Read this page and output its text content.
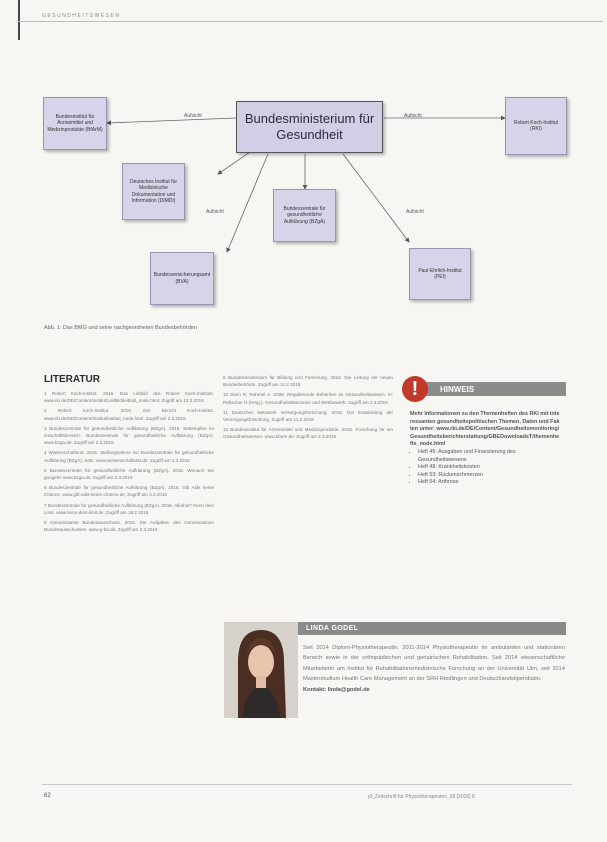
GESUNDHEITSWESEN
Bundesinstitut für Arzneimittel und Medizinprodukte (BfArM)
Bundesministerium für Gesundheit
Robert Koch-Institut (RKI)
Deutsches Institut für Medizinische Dokumentation und Information (DIMDI)
Bundeszentrale für gesundheitliche Aufklärung (BZgA)
Bundesversicherungsamt (BVA)
Paul-Ehrlich-Institut (PEI)
Aufsicht	Aufsicht
Aufsicht	Aufsicht
Abb. 1: Das BMG und seine nachgeordneten Bundesbehörden
LITERATUR

1 Robert Koch-Institut. 2016. Das Leitbild des Robert Koch-Instituts. www.rki.de/DE/Content/Institut/Leitbild/leitbild_node.html; Zugriff am 12.2.2016

2 Robert Koch-Institut. 2016. Der Bericht Koch-Institut. www.rki.de/DE/Content/Institut/institut_node.html; Zugriff am 2.3.2016

3 Bundeszentrale für gesundheitliche Aufklärung (BZgA). 2016. Bekämpfen im Geschäftsbereich. Bundeszentrale für gesundheitliche Aufklärung (BZgA). www.bzga.de; Zugriff am 2.3.2016

4 Wissenschaftsrat. 2016. Stellungnahme zur Bundeszentrale für gesundheitliche Aufklärung (BZgA), Köln. www.wissenschaftsrat.de; Zugriff am 2.3.2016

5 Bundeszentrale für gesundheitliche Aufklärung (BZgA). 2016. Wonach Sie googeln! www.bzga.de; Zugriff am 2.3.2016

6 Bundeszentrale für gesundheitliche Aufklärung (BZgA). 2016. Gib Aids keine Chance. www.gib-aids-keine-chance.de; Zugriff am 3.3.2016

7 Bundeszentrale für gesundheitliche Aufklärung (BZgA). 2016. Alkohol? Kenn dein Limit. www.kenn-dein-limit.de; Zugriff am 18.2.2016

8 Gemeinsamer Bundesausschuss. 2016. Die Aufgaben des Gemeinsamen Bundesausschusses. www.g-ba.de; Zugriff am 2.3.2016

9 Bundesministerium für Bildung und Forschung. 2016. Die Leitung der neuen Bundesbehörde. Zugriff am 12.2.2016

10 Stein R, Rahmel A. 2008. Regulierende Behörden im Gesundheitswesen. In: Rebscher H (Hrsg.). Gesundheitsökonomie und Wettbewerb. Zugriff am 2.3.2016

11 Deutsches Netzwerk Versorgungsforschung. 2016. Die Entwicklung der Versorgungsforschung. Zugriff am 12.2.2016

12 Bundesinstitut für Arzneimittel und Medizinprodukte. 2016. Forschung für ein Gesundheitswesen. www.bfarm.de; Zugriff am 2.3.2016

HINWEIS
!
Mehr Informationen zu den Themenheften des RKI mit interessanten gesundheitspolitischen Themen, Daten und Fakten unter: www.rki.de/DE/Content/Gesundheitsmonitoring/Gesundheitsberichterstattung/GBEDownloadsT/themenhefte_node.html
• Heft 45: Ausgaben und Finanzierung des Gesundheitswesens
• Heft 48: Krankheitskosten
• Heft 53: Rückenschmerzen
• Heft 54: Arthrose
LINDA GODEL
Seit 2014 Diplom-Physiotherapeutin. 2011-2014 Physiotherapeutin im ambulanten und stationären Bereich sowie in der orthopädischen und geriatrischen Rehabilitation. Seit 2014 wissenschaftliche Mitarbeiterin am Institut für Rehabilitationsmedizinische Forschung an der Universität Ulm, seit 2014 Masterstudium Health Care Management an der SRH Riedlingen und Deutschlandstipendiatin.
Kontakt: linda@godel.de
62	pt_Zeitschrift für Physiotherapeuten_68 [2016] 8
